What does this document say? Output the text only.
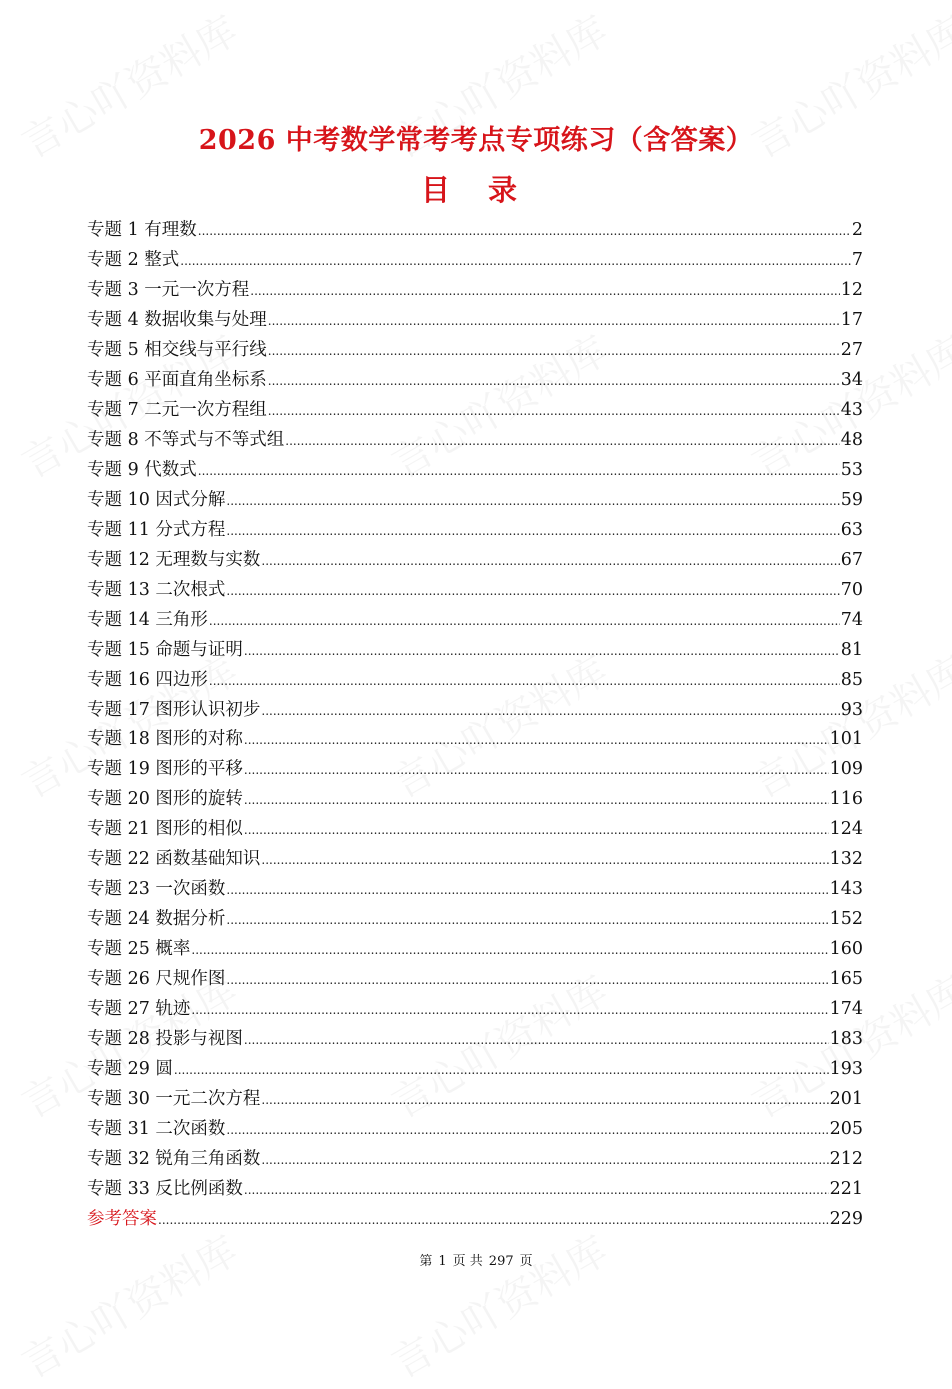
2026 中考数学常考考点专项练习（含答案）
目 录
专题 1 有理数 .....	2
专题 2 整式 .....	7
专题 3 一元一次方程 .....	12
专题 4 数据收集与处理 .....	17
专题 5 相交线与平行线 .....	27
专题 6 平面直角坐标系 .....	34
专题 7 二元一次方程组 .....	43
专题 8 不等式与不等式组 .....	48
专题 9 代数式 .....	53
专题 10 因式分解 .....	59
专题 11 分式方程 .....	63
专题 12 无理数与实数 .....	67
专题 13 二次根式 .....	70
专题 14 三角形 .....	74
专题 15 命题与证明 .....	81
专题 16 四边形 .....	85
专题 17 图形认识初步 .....	93
专题 18 图形的对称 .....	101
专题 19 图形的平移 .....	109
专题 20 图形的旋转 .....	116
专题 21 图形的相似 .....	124
专题 22 函数基础知识 .....	132
专题 23 一次函数 .....	143
专题 24 数据分析 .....	152
专题 25 概率 .....	160
专题 26 尺规作图 .....	165
专题 27 轨迹 .....	174
专题 28 投影与视图 .....	183
专题 29 圆 .....	193
专题 30 一元二次方程 .....	201
专题 31 二次函数 .....	205
专题 32 锐角三角函数 .....	212
专题 33 反比例函数 .....	221
参考答案 .....	229
第 1 页 共 297 页
